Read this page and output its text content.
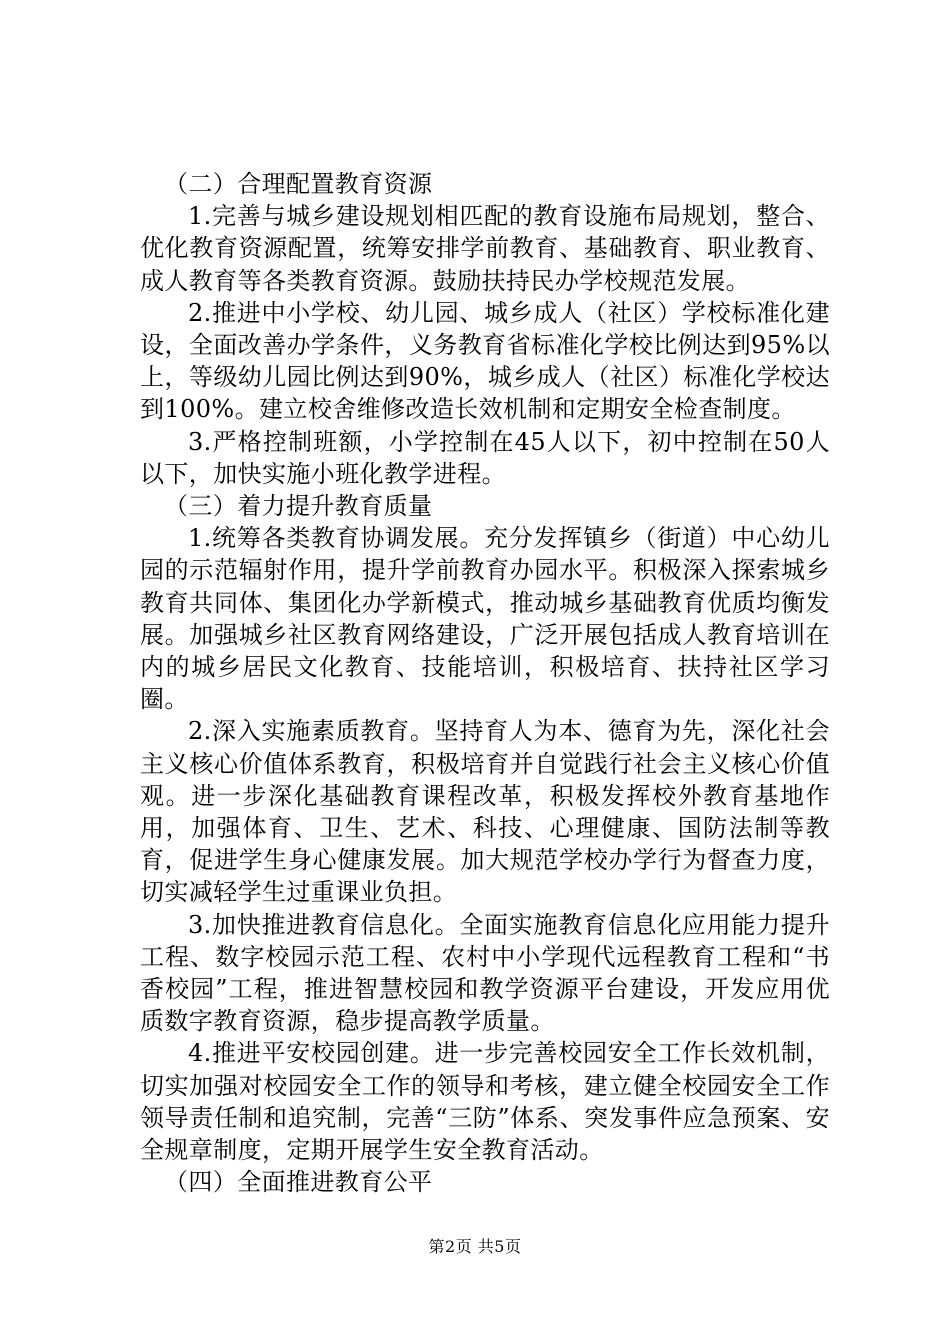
（二）合理配置教育资源

1.完善与城乡建设规划相匹配的教育设施布局规划，整合、优化教育资源配置，统筹安排学前教育、基础教育、职业教育、成人教育等各类教育资源。鼓励扶持民办学校规范发展。

2.推进中小学校、幼儿园、城乡成人（社区）学校标准化建设，全面改善办学条件，义务教育省标准化学校比例达到95%以上，等级幼儿园比例达到90%，城乡成人（社区）标准化学校达到100%。建立校舍维修改造长效机制和定期安全检查制度。

3.严格控制班额，小学控制在45人以下，初中控制在50人以下，加快实施小班化教学进程。

（三）着力提升教育质量

1.统筹各类教育协调发展。充分发挥镇乡（街道）中心幼儿园的示范辐射作用，提升学前教育办园水平。积极深入探索城乡教育共同体、集团化办学新模式，推动城乡基础教育优质均衡发展。加强城乡社区教育网络建设，广泛开展包括成人教育培训在内的城乡居民文化教育、技能培训，积极培育、扶持社区学习圈。

2.深入实施素质教育。坚持育人为本、德育为先，深化社会主义核心价值体系教育，积极培育并自觉践行社会主义核心价值观。进一步深化基础教育课程改革，积极发挥校外教育基地作用，加强体育、卫生、艺术、科技、心理健康、国防法制等教育，促进学生身心健康发展。加大规范学校办学行为督查力度，切实减轻学生过重课业负担。

3.加快推进教育信息化。全面实施教育信息化应用能力提升工程、数字校园示范工程、农村中小学现代远程教育工程和“书香校园”工程，推进智慧校园和教学资源平台建设，开发应用优质数字教育资源，稳步提高教学质量。

4.推进平安校园创建。进一步完善校园安全工作长效机制，切实加强对校园安全工作的领导和考核，建立健全校园安全工作领导责任制和追究制，完善“三防”体系、突发事件应急预案、安全规章制度，定期开展学生安全教育活动。

（四）全面推进教育公平

第2页 共5页
